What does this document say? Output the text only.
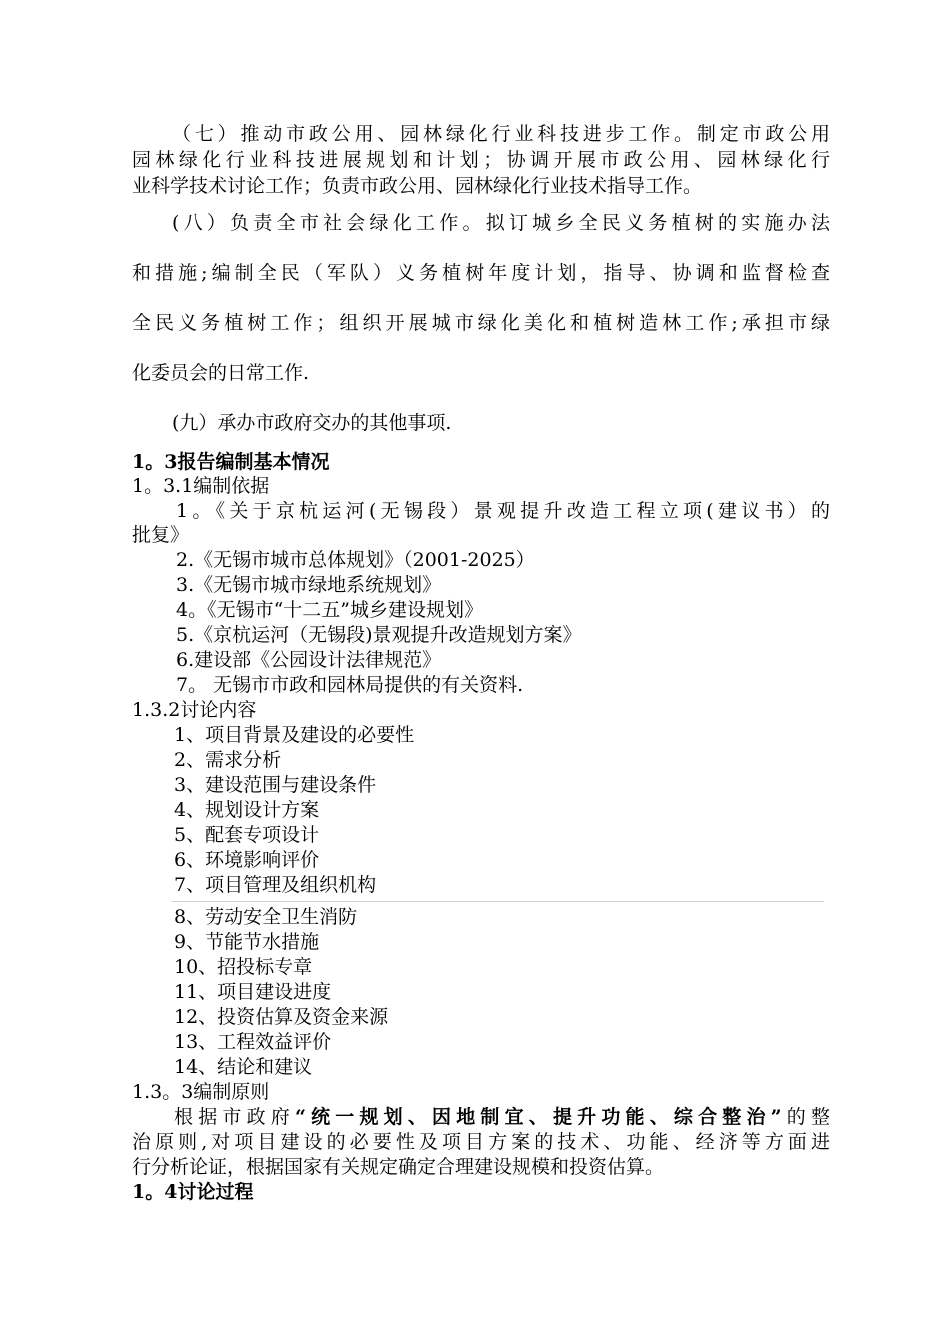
（七）推动市政公用、园林绿化行业科技进步工作。制定市政公用
园林绿化行业科技进展规划和计划；协调开展市政公用、园林绿化行
业科学技术讨论工作；负责市政公用、园林绿化行业技术指导工作。
(八）负责全市社会绿化工作。拟订城乡全民义务植树的实施办法
和措施;编制全民（军队）义务植树年度计划，指导、协调和监督检查
全民义务植树工作；组织开展城市绿化美化和植树造林工作;承担市绿
化委员会的日常工作.
(九）承办市政府交办的其他事项.
1。3报告编制基本情况
1。3.1编制依据
1。《关于京杭运河(无锡段）景观提升改造工程立项(建议书）的
批复》
2.《无锡市城市总体规划》（2001-2025）
3.《无锡市城市绿地系统规划》
4。《无锡市“十二五”城乡建设规划》
5.《京杭运河（无锡段)景观提升改造规划方案》
6.建设部《公园设计法律规范》
7。 无锡市市政和园林局提供的有关资料.
1.3.2讨论内容
1、项目背景及建设的必要性
2、需求分析
3、建设范围与建设条件
4、规划设计方案
5、配套专项设计
6、环境影响评价
7、项目管理及组织机构
8、劳动安全卫生消防
9、节能节水措施
10、招投标专章
11、项目建设进度
12、投资估算及资金来源
13、工程效益评价
14、结论和建议
1.3。3编制原则
根据市政府“统一规划、因地制宜、提升功能、综合整治”的整
治原则,对项目建设的必要性及项目方案的技术、功能、经济等方面进
行分析论证，根据国家有关规定确定合理建设规模和投资估算。
1。4讨论过程
